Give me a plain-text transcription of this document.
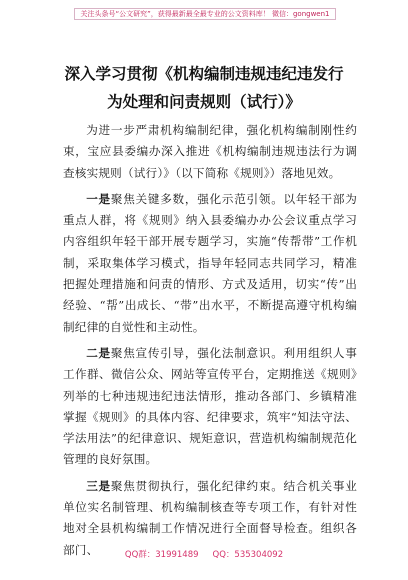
关注头条号“公文研究”，获得最新最全最专业的公文资料库！ 微信：gongwen1
深入学习贯彻《机构编制违规违纪违发行
为处理和问责规则（试行）》

为进一步严肃机构编制纪律，强化机构编制刚性约束，宝应县委编办深入推进《机构编制违规违法行为调查核实规则（试行）》（以下简称《规则》）落地见效。

一是聚焦关键多数，强化示范引领。以年轻干部为重点人群，将《规则》纳入县委编办办公会议重点学习内容组织年轻干部开展专题学习，实施“传帮带”工作机制，采取集体学习模式，指导年轻同志共同学习，精准把握处理措施和问责的情形、方式及适用，切实“传”出经验、“帮”出成长、“带”出水平，不断提高遵守机构编制纪律的自觉性和主动性。

二是聚焦宣传引导，强化法制意识。利用组织人事工作群、微信公众、网站等宣传平台，定期推送《规则》列举的七种违规违纪违法情形，推动各部门、乡镇精准掌握《规则》的具体内容、纪律要求，筑牢“知法守法、学法用法”的纪律意识、规矩意识，营造机构编制规范化管理的良好氛围。

三是聚焦贯彻执行，强化纪律约束。结合机关事业单位实名制管理、机构编制核查等专项工作，有针对性地对全县机构编制工作情况进行全面督导检查。组织各部门、	QQ群：31991489 QQ：535304092
